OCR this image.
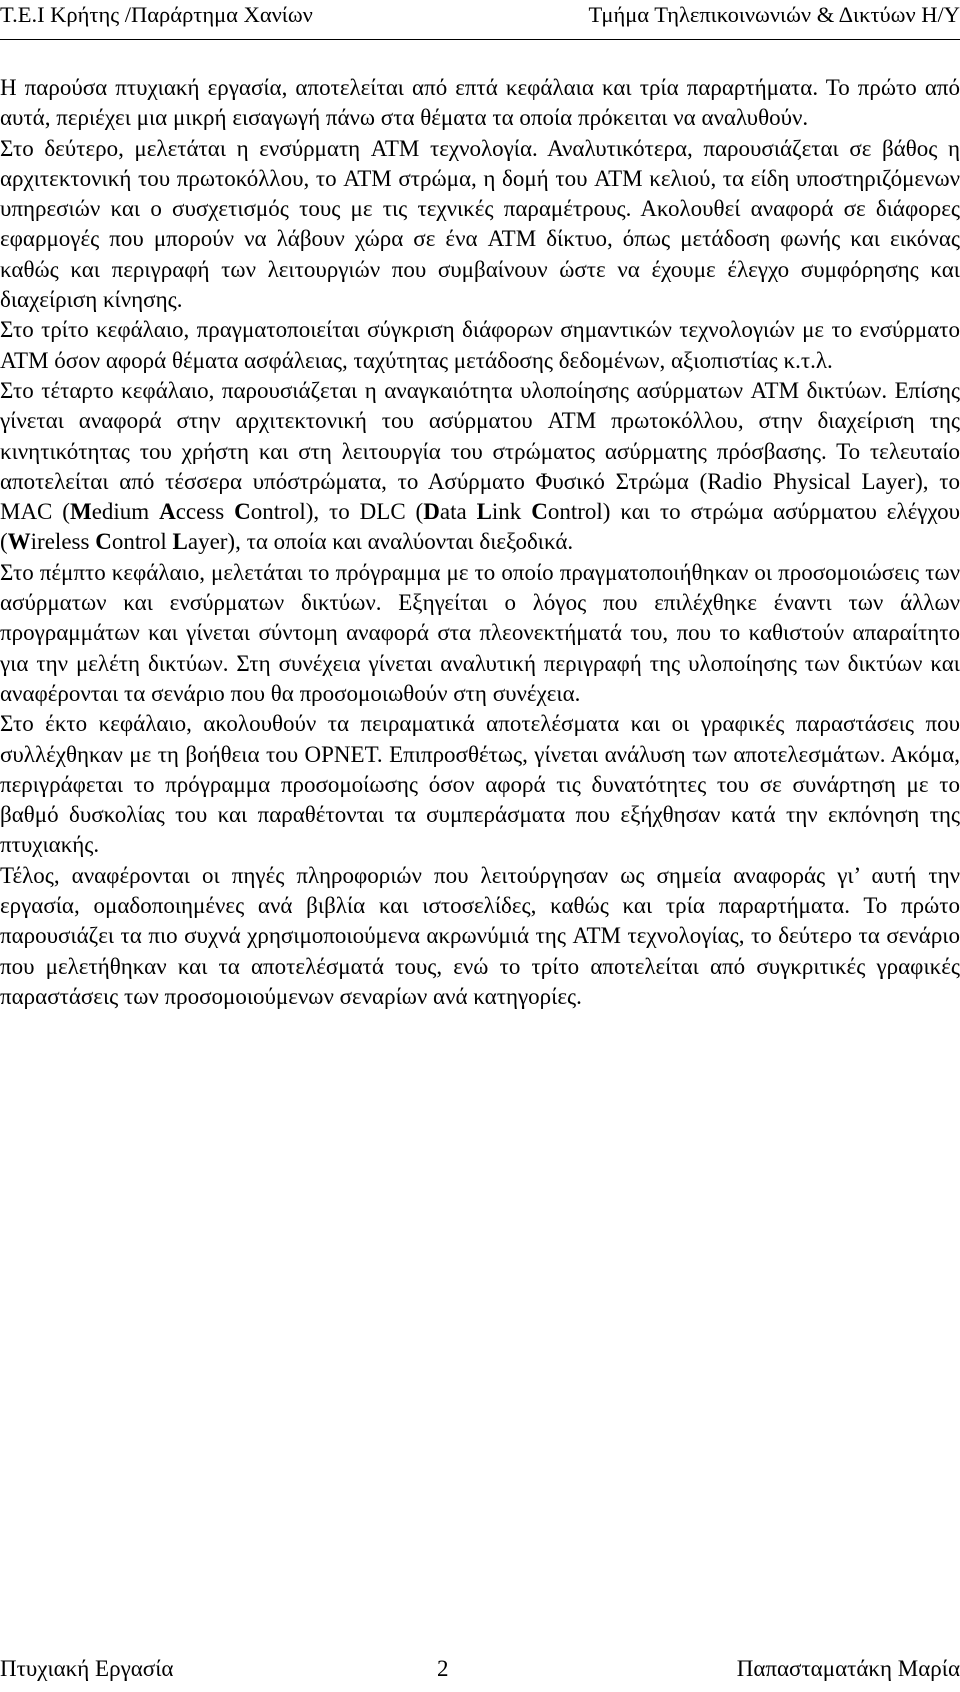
T.E.I Κρήτης /Παράρτημα Χανίων	Τμήμα Τηλεπικοινωνιών & Δικτύων Η/Υ

Η παρούσα πτυχιακή εργασία, αποτελείται από επτά κεφάλαια και τρία παραρτήματα. Το πρώτο από αυτά, περιέχει μια μικρή εισαγωγή πάνω στα θέματα τα οποία πρόκειται να αναλυθούν.

Στο δεύτερο, μελετάται η ενσύρματη ATM τεχνολογία. Αναλυτικότερα, παρουσιάζεται σε βάθος η αρχιτεκτονική του πρωτοκόλλου, το ATM στρώμα, η δομή του ATM κελιού, τα είδη υποστηριζόμενων υπηρεσιών και ο συσχετισμός τους με τις τεχνικές παραμέτρους. Ακολουθεί αναφορά σε διάφορες εφαρμογές που μπορούν να λάβουν χώρα σε ένα ATM δίκτυο, όπως μετάδοση φωνής και εικόνας καθώς και περιγραφή των λειτουργιών που συμβαίνουν ώστε να έχουμε έλεγχο συμφόρησης και διαχείριση κίνησης.

Στο τρίτο κεφάλαιο, πραγματοποιείται σύγκριση διάφορων σημαντικών τεχνολογιών με το ενσύρματο ATM όσον αφορά θέματα ασφάλειας, ταχύτητας μετάδοσης δεδομένων, αξιοπιστίας κ.τ.λ.

Στο τέταρτο κεφάλαιο, παρουσιάζεται η αναγκαιότητα υλοποίησης ασύρματων ATM δικτύων. Επίσης γίνεται αναφορά στην αρχιτεκτονική του ασύρματου ATM πρωτοκόλλου, στην διαχείριση της κινητικότητας του χρήστη και στη λειτουργία του στρώματος ασύρματης πρόσβασης. Το τελευταίο αποτελείται από τέσσερα υπόστρώματα, το Ασύρματο Φυσικό Στρώμα (Radio Physical Layer), το MAC (Medium Access Control), το DLC (Data Link Control) και το στρώμα ασύρματου ελέγχου (Wireless Control Layer), τα οποία και αναλύονται διεξοδικά.

Στο πέμπτο κεφάλαιο, μελετάται το πρόγραμμα με το οποίο πραγματοποιήθηκαν οι προσομοιώσεις των ασύρματων και ενσύρματων δικτύων. Εξηγείται ο λόγος που επιλέχθηκε έναντι των άλλων προγραμμάτων και γίνεται σύντομη αναφορά στα πλεονεκτήματά του, που το καθιστούν απαραίτητο για την μελέτη δικτύων. Στη συνέχεια γίνεται αναλυτική περιγραφή της υλοποίησης των δικτύων και αναφέρονται τα σενάριο που θα προσομοιωθούν στη συνέχεια.

Στο έκτο κεφάλαιο, ακολουθούν τα πειραματικά αποτελέσματα και οι γραφικές παραστάσεις που συλλέχθηκαν με τη βοήθεια του OPNET. Επιπροσθέτως, γίνεται ανάλυση των αποτελεσμάτων. Ακόμα, περιγράφεται το πρόγραμμα προσομοίωσης όσον αφορά τις δυνατότητες του σε συνάρτηση με το βαθμό δυσκολίας του και παραθέτονται τα συμπεράσματα που εξήχθησαν κατά την εκπόνηση της πτυχιακής.

Τέλος, αναφέρονται οι πηγές πληροφοριών που λειτούργησαν ως σημεία αναφοράς γι’ αυτή την εργασία, ομαδοποιημένες ανά βιβλία και ιστοσελίδες, καθώς και τρία παραρτήματα. Το πρώτο παρουσιάζει τα πιο συχνά χρησιμοποιούμενα ακρωνύμιά της ATM τεχνολογίας, το δεύτερο τα σενάριο που μελετήθηκαν και τα αποτελέσματά τους, ενώ το τρίτο αποτελείται από συγκριτικές γραφικές παραστάσεις των προσομοιούμενων σεναρίων ανά κατηγορίες.

Πτυχιακή Εργασία	2	Παπασταματάκη Μαρία
